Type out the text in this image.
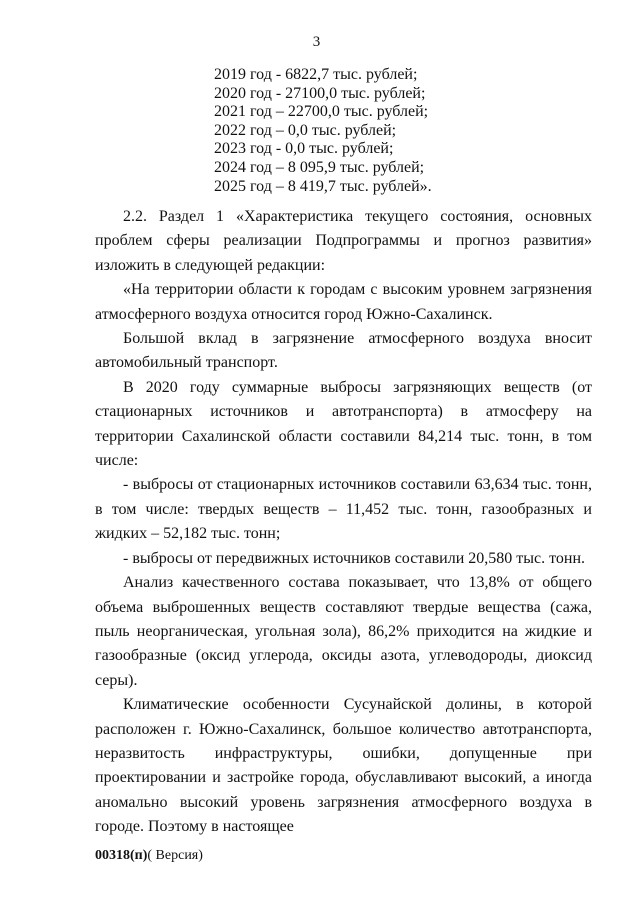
3
2019 год - 6822,7 тыс. рублей;
2020 год - 27100,0 тыс. рублей;
2021 год – 22700,0 тыс. рублей;
2022 год – 0,0 тыс. рублей;
2023 год - 0,0 тыс. рублей;
2024 год – 8 095,9 тыс. рублей;
2025 год – 8 419,7 тыс. рублей».

2.2. Раздел 1 «Характеристика текущего состояния, основных проблем сферы реализации Подпрограммы и прогноз развития» изложить в следующей редакции:

«На территории области к городам с высоким уровнем загрязнения атмосферного воздуха относится город Южно-Сахалинск.

Большой вклад в загрязнение атмосферного воздуха вносит автомобильный транспорт.

В 2020 году суммарные выбросы загрязняющих веществ (от стационарных источников и автотранспорта) в атмосферу на территории Сахалинской области составили 84,214 тыс. тонн, в том числе:

- выбросы от стационарных источников составили 63,634 тыс. тонн, в том числе: твердых веществ – 11,452 тыс. тонн, газообразных и жидких – 52,182 тыс. тонн;

- выбросы от передвижных источников составили 20,580 тыс. тонн.

Анализ качественного состава показывает, что 13,8% от общего объема выброшенных веществ составляют твердые вещества (сажа, пыль неорганическая, угольная зола), 86,2% приходится на жидкие и газообразные (оксид углерода, оксиды азота, углеводороды, диоксид серы).

Климатические особенности Сусунайской долины, в которой расположен г. Южно-Сахалинск, большое количество автотранспорта, неразвитость инфраструктуры, ошибки, допущенные при проектировании и застройке города, обуславливают высокий, а иногда аномально высокий уровень загрязнения атмосферного воздуха в городе. Поэтому в настоящее

00318(п)( Версия)
